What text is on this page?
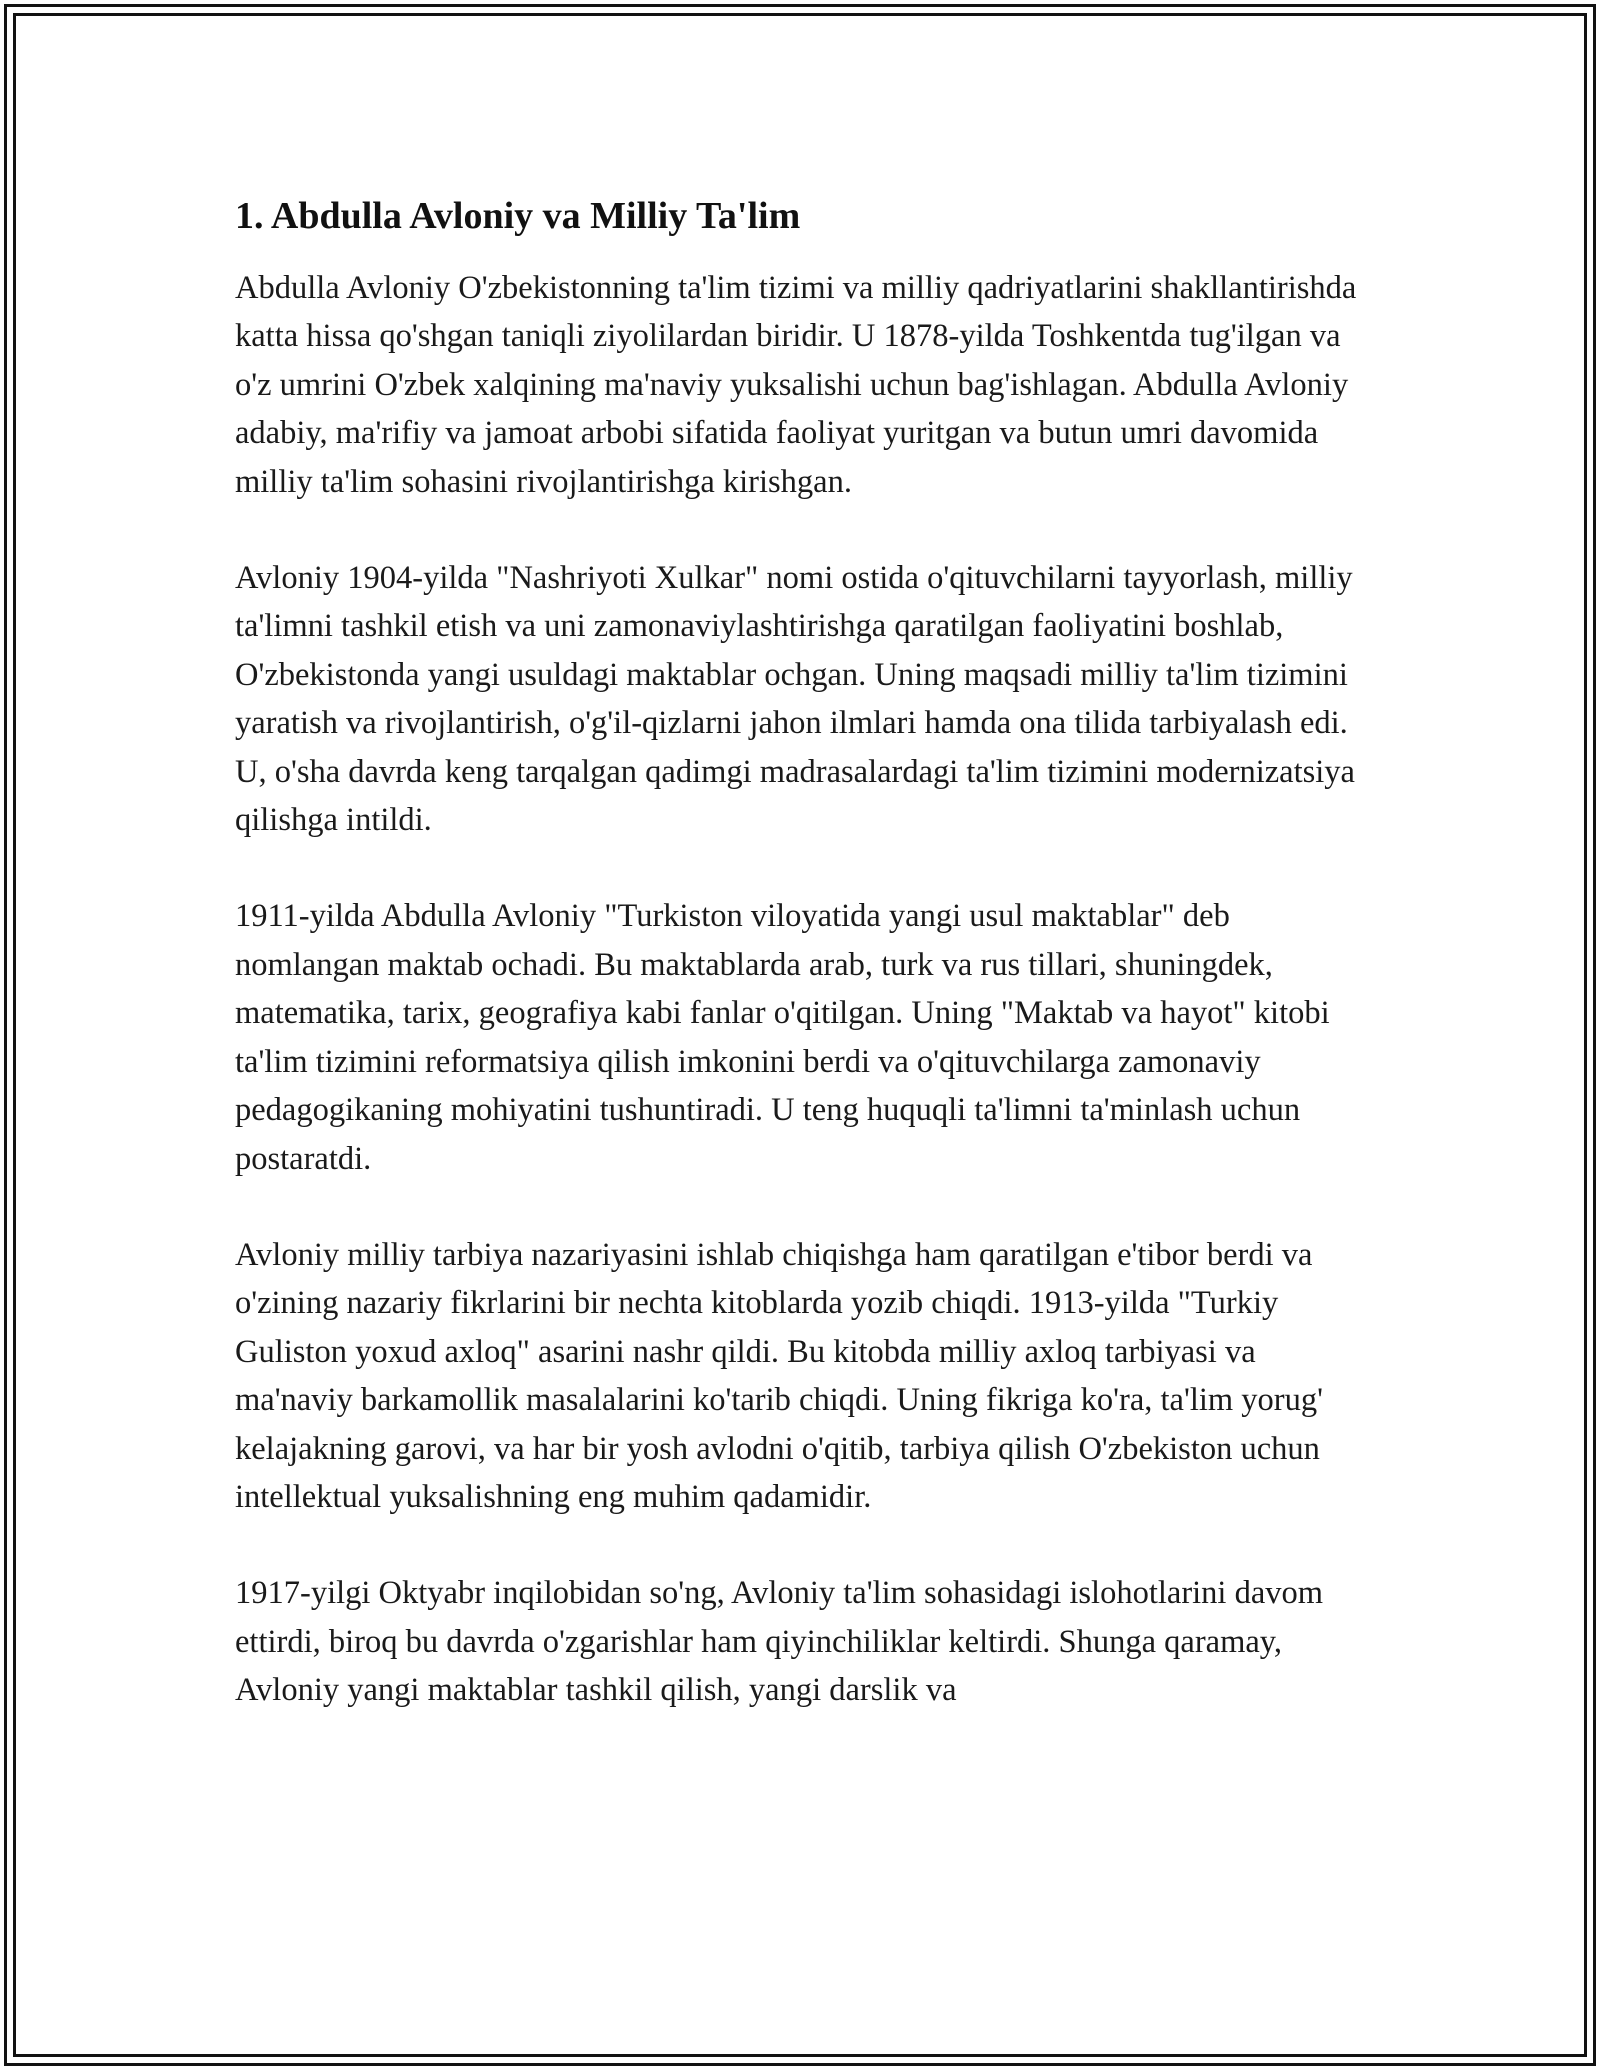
1. Abdulla Avloniy va Milliy Ta'lim

Abdulla Avloniy O'zbekistonning ta'lim tizimi va milliy qadriyatlarini shakllantirishda katta hissa qo'shgan taniqli ziyolilardan biridir. U 1878-yilda Toshkentda tug'ilgan va o'z umrini O'zbek xalqining ma'naviy yuksalishi uchun bag'ishlagan. Abdulla Avloniy adabiy, ma'rifiy va jamoat arbobi sifatida faoliyat yuritgan va butun umri davomida milliy ta'lim sohasini rivojlantirishga kirishgan.

Avloniy 1904-yilda "Nashriyoti Xulkar" nomi ostida o'qituvchilarni tayyorlash, milliy ta'limni tashkil etish va uni zamonaviylashtirishga qaratilgan faoliyatini boshlab, O'zbekistonda yangi usuldagi maktablar ochgan. Uning maqsadi milliy ta'lim tizimini yaratish va rivojlantirish, o'g'il-qizlarni jahon ilmlari hamda ona tilida tarbiyalash edi. U, o'sha davrda keng tarqalgan qadimgi madrasalardagi ta'lim tizimini modernizatsiya qilishga intildi.

1911-yilda Abdulla Avloniy "Turkiston viloyatida yangi usul maktablar" deb nomlangan maktab ochadi. Bu maktablarda arab, turk va rus tillari, shuningdek, matematika, tarix, geografiya kabi fanlar o'qitilgan. Uning "Maktab va hayot" kitobi ta'lim tizimini reformatsiya qilish imkonini berdi va o'qituvchilarga zamonaviy pedagogikaning mohiyatini tushuntiradi. U teng huquqli ta'limni ta'minlash uchun postaratdi.

Avloniy milliy tarbiya nazariyasini ishlab chiqishga ham qaratilgan e'tibor berdi va o'zining nazariy fikrlarini bir nechta kitoblarda yozib chiqdi. 1913-yilda "Turkiy Guliston yoxud axloq" asarini nashr qildi. Bu kitobda milliy axloq tarbiyasi va ma'naviy barkamollik masalalarini ko'tarib chiqdi. Uning fikriga ko'ra, ta'lim yorug' kelajakning garovi, va har bir yosh avlodni o'qitib, tarbiya qilish O'zbekiston uchun intellektual yuksalishning eng muhim qadamidir.

1917-yilgi Oktyabr inqilobidan so'ng, Avloniy ta'lim sohasidagi islohotlarini davom ettirdi, biroq bu davrda o'zgarishlar ham qiyinchiliklar keltirdi. Shunga qaramay, Avloniy yangi maktablar tashkil qilish, yangi darslik va
